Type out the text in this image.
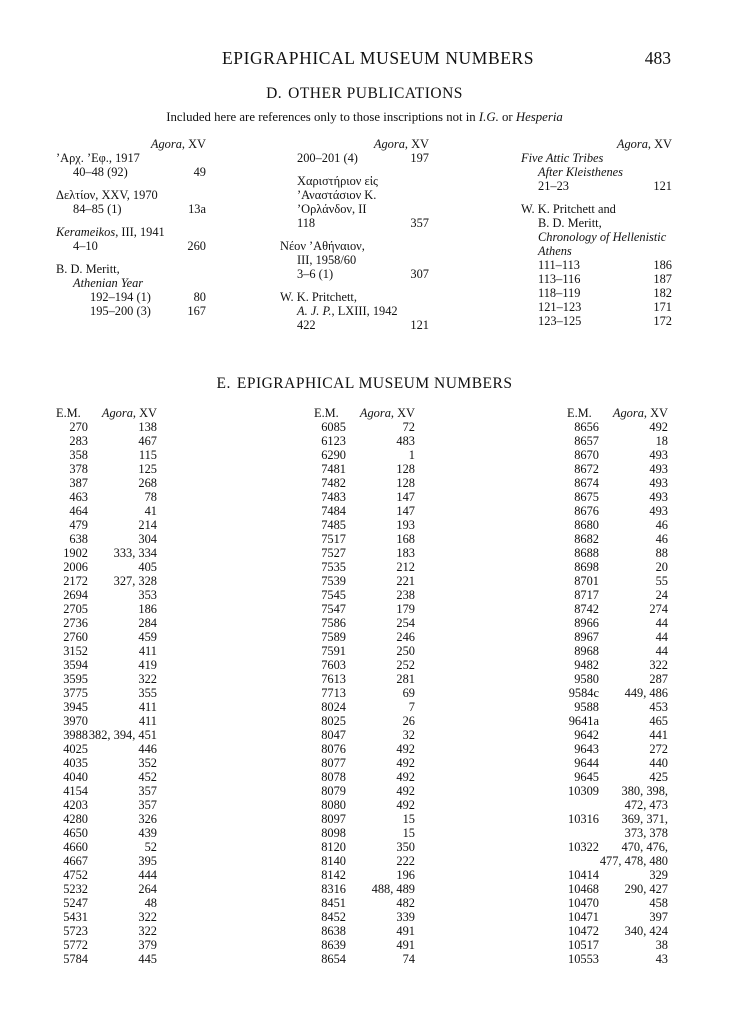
EPIGRAPHICAL MUSEUM NUMBERS	483
D. OTHER PUBLICATIONS
Included here are references only to those inscriptions not in I.G. or Hesperia
Agora, XV
ʼΑρχ. ʼΕφ., 1917
40–48 (92)	49
Δελτίον, XXV, 1970
84–85 (1)	13a
Kerameikos, III, 1941
4–10	260
B. D. Meritt,
Athenian Year
192–194 (1)	80
195–200 (3)	167
Agora, XV
200–201 (4)	197
Χαριστήριον εἰς
ʼΑναστάσιον Κ.
ʼΟρλάνδον, II
118	357
Νέον ʼΑθήναιον,
III, 1958/60
3–6 (1)	307
W. K. Pritchett,
A. J. P., LXIII, 1942
422	121
Agora, XV
Five Attic Tribes
After Kleisthenes
21–23	121
W. K. Pritchett and
B. D. Meritt,
Chronology of Hellenistic
Athens
111–113	186
113–116	187
118–119	182
121–123	171
123–125	172
E. EPIGRAPHICAL MUSEUM NUMBERS
E.M. Agora, XV
270	138
283	467
358	115
378	125
387	268
463	78
464	41
479	214
638	304
1902 333, 334
2006	405
2172 327, 328
2694	353
2705	186
2736	284
2760	459
3152	411
3594	419
3595	322
3775	355
3945	411
3970	411
3988 382, 394, 451
4025	446
4035	352
4040	452
4154	357
4203	357
4280	326
4650	439
4660	52
4667	395
4752	444
5232	264
5247	48
5431	322
5723	322
5772	379
5784	445
E.M. Agora, XV
6085	72
6123	483
6290	1
7481	128
7482	128
7483	147
7484	147
7485	193
7517	168
7527	183
7535	212
7539	221
7545	238
7547	179
7586	254
7589	246
7591	250
7603	252
7613	281
7713	69
8024	7
8025	26
8047	32
8076	492
8077	492
8078	492
8079	492
8080	492
8097	15
8098	15
8120	350
8140	222
8142	196
8316 488, 489
8451	482
8452	339
8638	491
8639	491
8654	74
E.M. Agora, XV
8656	492
8657	18
8670	493
8672	493
8674	493
8675	493
8676	493
8680	46
8682	46
8688	88
8698	20
8701	55
8717	24
8742	274
8966	44
8967	44
8968	44
9482	322
9580	287
9584c 449, 486
9588	453
9641a	465
9642	441
9643	272
9644	440
9645	425
10309 380, 398,
472, 473
10316 369, 371,
373, 378
10322 470, 476,
477, 478, 480
10414	329
10468 290, 427
10470	458
10471	397
10472 340, 424
10517	38
10553	43
